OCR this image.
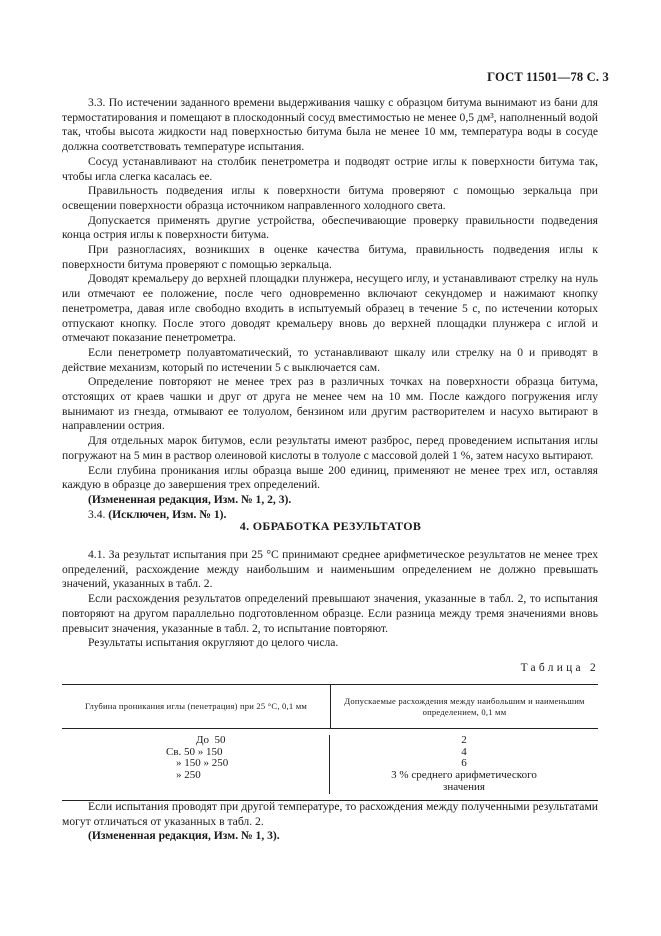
ГОСТ 11501—78 С. 3

3.3. По истечении заданного времени выдерживания чашку с образцом битума вынимают из бани для термостатирования и помещают в плоскодонный сосуд вместимостью не менее 0,5 дм³, наполненный водой так, чтобы высота жидкости над поверхностью битума была не менее 10 мм, температура воды в сосуде должна соответствовать температуре испытания.

Сосуд устанавливают на столбик пенетрометра и подводят острие иглы к поверхности битума так, чтобы игла слегка касалась ее.

Правильность подведения иглы к поверхности битума проверяют с помощью зеркальца при освещении поверхности образца источником направленного холодного света.

Допускается применять другие устройства, обеспечивающие проверку правильности подведения конца острия иглы к поверхности битума.

При разногласиях, возникших в оценке качества битума, правильность подведения иглы к поверхности битума проверяют с помощью зеркальца.

Доводят кремальеру до верхней площадки плунжера, несущего иглу, и устанавливают стрелку на нуль или отмечают ее положение, после чего одновременно включают секундомер и нажимают кнопку пенетрометра, давая игле свободно входить в испытуемый образец в течение 5 с, по истечении которых отпускают кнопку. После этого доводят кремальеру вновь до верхней площадки плунжера с иглой и отмечают показание пенетрометра.

Если пенетрометр полуавтоматический, то устанавливают шкалу или стрелку на 0 и приводят в действие механизм, который по истечении 5 с выключается сам.

Определение повторяют не менее трех раз в различных точках на поверхности образца битума, отстоящих от краев чашки и друг от друга не менее чем на 10 мм. После каждого погружения иглу вынимают из гнезда, отмывают ее толуолом, бензином или другим растворителем и насухо вытирают в направлении острия.

Для отдельных марок битумов, если результаты имеют разброс, перед проведением испытания иглы погружают на 5 мин в раствор олеиновой кислоты в толуоле с массовой долей 1 %, затем насухо вытирают.

Если глубина проникания иглы образца выше 200 единиц, применяют не менее трех игл, оставляя каждую в образце до завершения трех определений.

(Измененная редакция, Изм. № 1, 2, 3).

3.4. (Исключен, Изм. № 1).

4. ОБРАБОТКА РЕЗУЛЬТАТОВ

4.1. За результат испытания при 25 °С принимают среднее арифметическое результатов не менее трех определений, расхождение между наибольшим и наименьшим определением не должно превышать значений, указанных в табл. 2.

Если расхождения результатов определений превышают значения, указанные в табл. 2, то испытания повторяют на другом параллельно подготовленном образце. Если разница между тремя значениями вновь превысит значения, указанные в табл. 2, то испытание повторяют.

Результаты испытания округляют до целого числа.

Таблица 2
Глубина проникания иглы (пенетрация) при 25 °С, 0,1 мм
Допускаемые расхождения между наибольшим и наименьшим определением, 0,1 мм
До  50
Св. 50 » 150
» 150 » 250
» 250
2
4
6
3 % среднего арифметического значения

Если испытания проводят при другой температуре, то расхождения между полученными результатами могут отличаться от указанных в табл. 2.

(Измененная редакция, Изм. № 1, 3).
